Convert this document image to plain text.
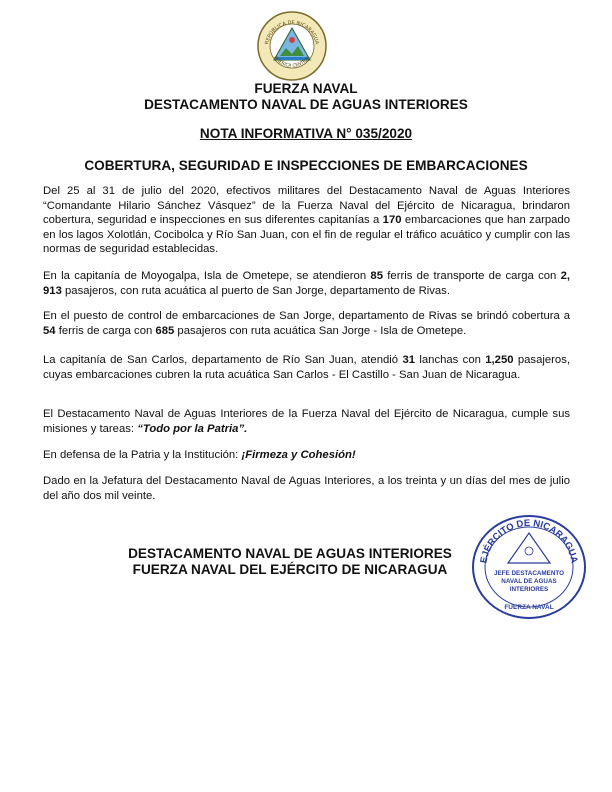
REPÚBLICA DE NICARAGUA
AMÉRICA CENTRAL
FUERZA NAVAL
DESTACAMENTO NAVAL DE AGUAS INTERIORES
NOTA INFORMATIVA N° 035/2020
COBERTURA, SEGURIDAD E INSPECCIONES DE EMBARCACIONES
Del 25 al 31 de julio del 2020, efectivos militares del Destacamento Naval de Aguas Interiores “Comandante Hilario Sánchez Vásquez” de la Fuerza Naval del Ejército de Nicaragua, brindaron cobertura, seguridad e inspecciones en sus diferentes capitanías a 170 embarcaciones que han zarpado en los lagos Xolotlán, Cocibolca y Río San Juan, con el fin de regular el tráfico acuático y cumplir con las normas de seguridad establecidas.
En la capitanía de Moyogalpa, Isla de Ometepe, se atendieron 85 ferris de transporte de carga con 2, 913 pasajeros, con ruta acuática al puerto de San Jorge, departamento de Rivas.
En el puesto de control de embarcaciones de San Jorge, departamento de Rivas se brindó cobertura a 54 ferris de carga con 685 pasajeros con ruta acuática San Jorge - Isla de Ometepe.
La capitanía de San Carlos, departamento de Río San Juan, atendió 31 lanchas con 1,250 pasajeros, cuyas embarcaciones cubren la ruta acuática San Carlos - El Castillo - San Juan de Nicaragua.
El Destacamento Naval de Aguas Interiores de la Fuerza Naval del Ejército de Nicaragua, cumple sus misiones y tareas: “Todo por la Patria”.
En defensa de la Patria y la Institución: ¡Firmeza y Cohesión!
Dado en la Jefatura del Destacamento Naval de Aguas Interiores, a los treinta y un días del mes de julio del año dos mil veinte.
DESTACAMENTO NAVAL DE AGUAS INTERIORES
FUERZA NAVAL DEL EJÉRCITO DE NICARAGUA
EJÉRCITO DE NICARAGUA
JEFE DESTACAMENTO
NAVAL DE AGUAS
INTERIORES
FUERZA NAVAL
